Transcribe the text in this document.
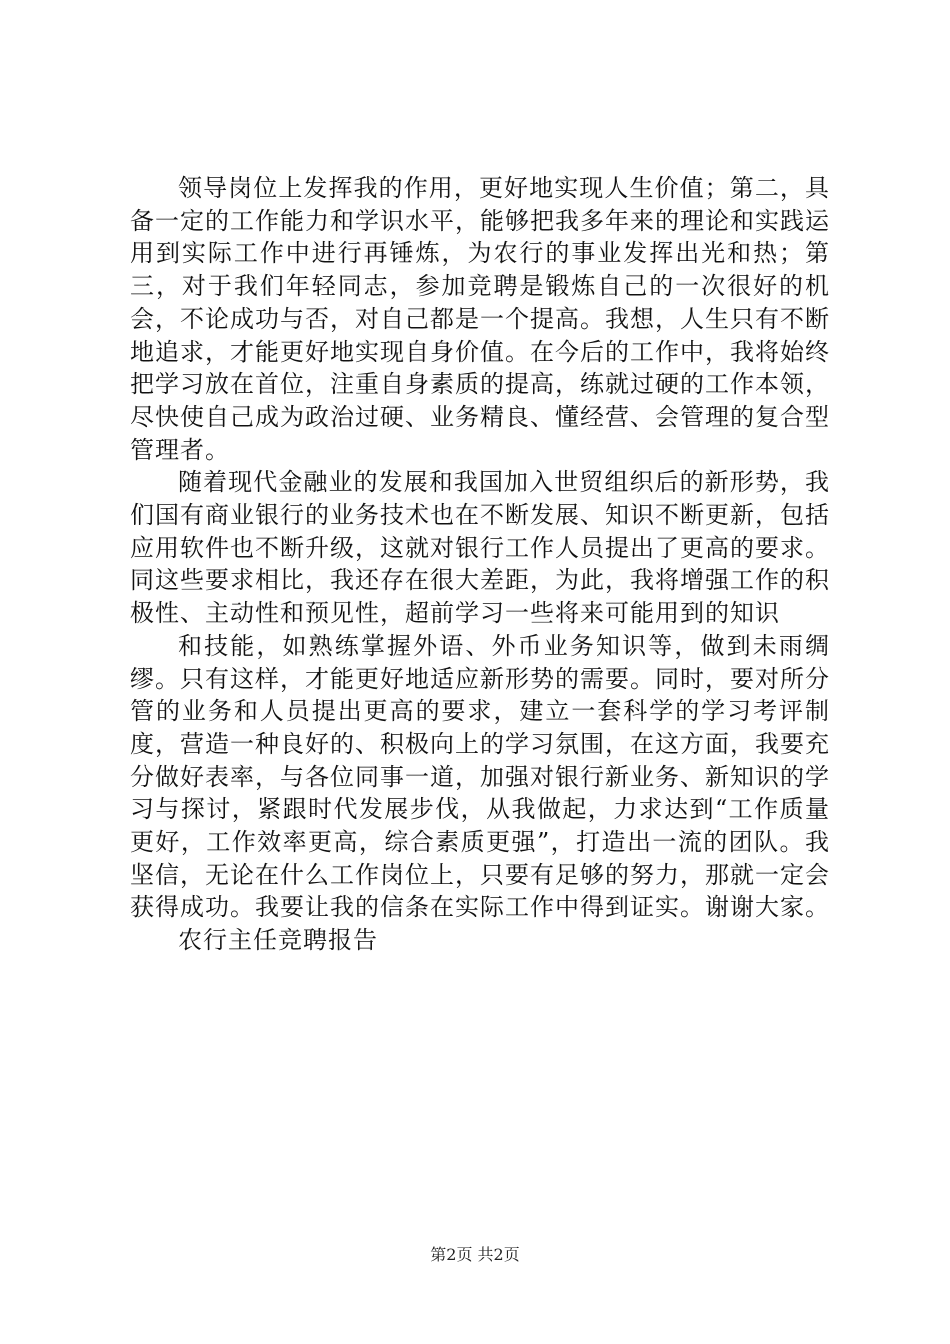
领导岗位上发挥我的作用，更好地实现人生价值；第二，具备一定的工作能力和学识水平，能够把我多年来的理论和实践运用到实际工作中进行再锤炼，为农行的事业发挥出光和热；第三，对于我们年轻同志，参加竞聘是锻炼自己的一次很好的机会，不论成功与否，对自己都是一个提高。我想，人生只有不断地追求，才能更好地实现自身价值。在今后的工作中，我将始终把学习放在首位，注重自身素质的提高，练就过硬的工作本领，尽快使自己成为政治过硬、业务精良、懂经营、会管理的复合型管理者。

随着现代金融业的发展和我国加入世贸组织后的新形势，我们国有商业银行的业务技术也在不断发展、知识不断更新，包括应用软件也不断升级，这就对银行工作人员提出了更高的要求。同这些要求相比，我还存在很大差距，为此，我将增强工作的积极性、主动性和预见性，超前学习一些将来可能用到的知识

和技能，如熟练掌握外语、外币业务知识等，做到未雨绸缪。只有这样，才能更好地适应新形势的需要。同时，要对所分管的业务和人员提出更高的要求，建立一套科学的学习考评制度，营造一种良好的、积极向上的学习氛围，在这方面，我要充分做好表率，与各位同事一道，加强对银行新业务、新知识的学习与探讨，紧跟时代发展步伐，从我做起，力求达到“工作质量更好，工作效率更高，综合素质更强”，打造出一流的团队。我坚信，无论在什么工作岗位上，只要有足够的努力，那就一定会获得成功。我要让我的信条在实际工作中得到证实。谢谢大家。

农行主任竞聘报告

第2页 共2页
